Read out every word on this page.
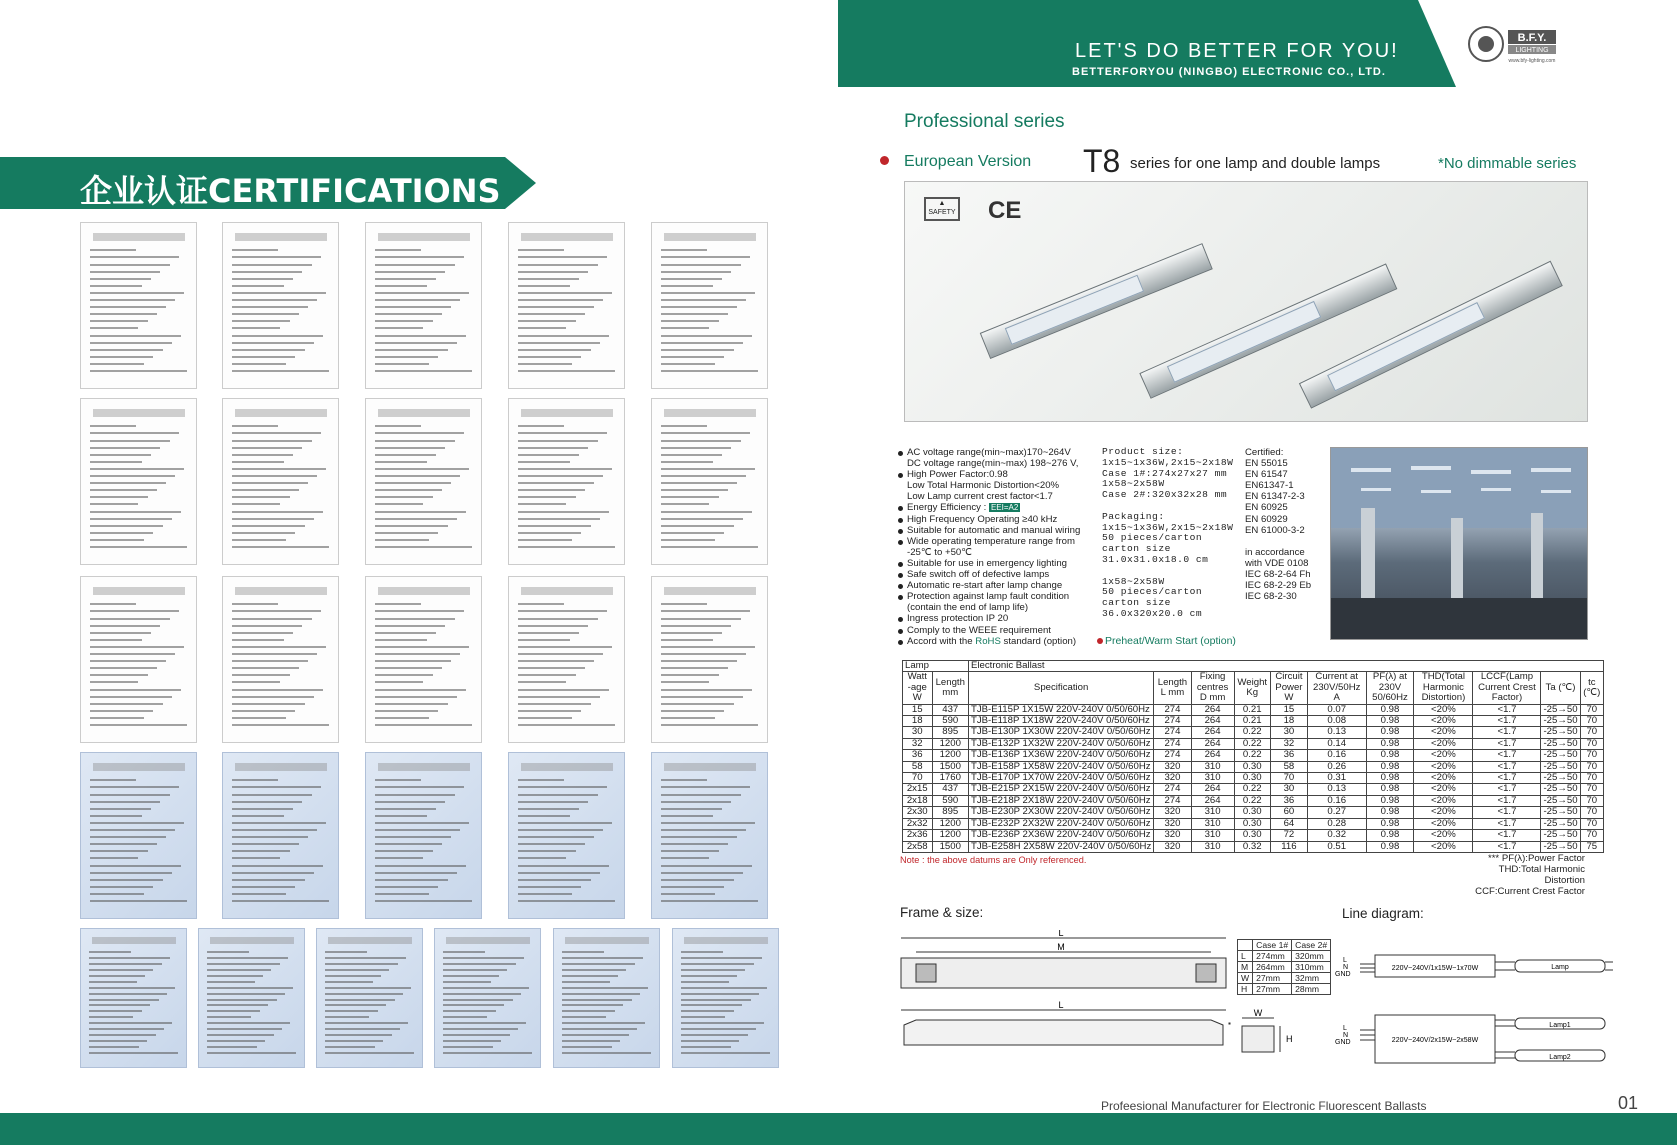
企业认证CERTIFICATIONS
LET'S DO BETTER FOR YOU!
BETTERFORYOU (NINGBO) ELECTRONIC CO., LTD.
B.F.Y.
LIGHTING
www.bfy-lighting.com
Professional series
European Version T8 series for one lamp and double lamps	*No dimmable series
▲
SAFETY CE
AC voltage range(min~max)170~264V
DC voltage range(min~max) 198~276 V,
High Power Factor:0.98
Low Total Harmonic Distortion<20%
Low Lamp current crest factor<1.7
Energy Efficiency : EEI=A2
High Frequency Operating ≥40 kHz
Suitable for automatic and manual wiring
Wide operating temperature range from
-25℃ to +50℃
Suitable for use in emergency lighting
Safe switch off of defective lamps
Automatic re-start after lamp change
Protection against lamp fault condition
(contain the end of lamp life)
Ingress protection IP 20
Comply to the WEEE requirement
Accord with the RoHS standard (option)
Product size:
1x15~1x36W,2x15~2x18W
Case 1#:274x27x27 mm
1x58~2x58W
Case 2#:320x32x28 mm

Packaging:
1x15~1x36W,2x15~2x18W
50 pieces/carton
carton size
31.0x31.0x18.0 cm

1x58~2x58W
50 pieces/carton
carton size
36.0x320x20.0 cm
Certified:
EN 55015
EN 61547
EN61347-1
EN 61347-2-3
EN 60925
EN 60929
EN 61000-3-2

in accordance
with VDE 0108
IEC 68-2-64 Fh
IEC 68-2-29 Eb
IEC 68-2-30
Preheat/Warm Start (option)
Lamp		Electronic Ballast										
Watt -age W	Length mm	Specification	Length L mm	Fixing centres D mm	Weight Kg	Circuit Power W	Current at 230V/50Hz A	PF(λ) at 230V 50/60Hz	THD(Total Harmonic Distortion)	LCCF(Lamp Current Crest Factor)	Ta (℃)	tc (℃)
15	437	TJB-E115P 1X15W 220V-240V 0/50/60Hz	274	264	0.21	15	0.07	0.98	<20%	<1.7	-25→50	70
18	590	TJB-E118P 1X18W 220V-240V 0/50/60Hz	274	264	0.21	18	0.08	0.98	<20%	<1.7	-25→50	70
30	895	TJB-E130P 1X30W 220V-240V 0/50/60Hz	274	264	0.22	30	0.13	0.98	<20%	<1.7	-25→50	70
32	1200	TJB-E132P 1X32W 220V-240V 0/50/60Hz	274	264	0.22	32	0.14	0.98	<20%	<1.7	-25→50	70
36	1200	TJB-E136P 1X36W 220V-240V 0/50/60Hz	274	264	0.22	36	0.16	0.98	<20%	<1.7	-25→50	70
58	1500	TJB-E158P 1X58W 220V-240V 0/50/60Hz	320	310	0.30	58	0.26	0.98	<20%	<1.7	-25→50	70
70	1760	TJB-E170P 1X70W 220V-240V 0/50/60Hz	320	310	0.30	70	0.31	0.98	<20%	<1.7	-25→50	70
2x15	437	TJB-E215P 2X15W 220V-240V 0/50/60Hz	274	264	0.22	30	0.13	0.98	<20%	<1.7	-25→50	70
2x18	590	TJB-E218P 2X18W 220V-240V 0/50/60Hz	274	264	0.22	36	0.16	0.98	<20%	<1.7	-25→50	70
2x30	895	TJB-E230P 2X30W 220V-240V 0/50/60Hz	320	310	0.30	60	0.27	0.98	<20%	<1.7	-25→50	70
2x32	1200	TJB-E232P 2X32W 220V-240V 0/50/60Hz	320	310	0.30	64	0.28	0.98	<20%	<1.7	-25→50	70
2x36	1200	TJB-E236P 2X36W 220V-240V 0/50/60Hz	320	310	0.30	72	0.32	0.98	<20%	<1.7	-25→50	70
2x58	1500	TJB-E258H 2X58W 220V-240V 0/50/60Hz	320	310	0.32	116	0.51	0.98	<20%	<1.7	-25→50	75
Note : the above datums are Only referenced.	*** PF(λ):Power Factor
THD:Total Harmonic Distortion
CCF:Current Crest Factor
Frame & size:	Line diagram:
L
M
L
W
H
	Case 1#	Case 2#
L	274mm	320mm
M	264mm	310mm
W	27mm	32mm
H	27mm	28mm
220V~240V/1x15W~1x70W	Lamp
220V~240V/2x15W~2x58W
Lamp1
Lamp2
L
N
GND
L
N
GND
Profeesional Manufacturer for Electronic Fluorescent Ballasts	01
